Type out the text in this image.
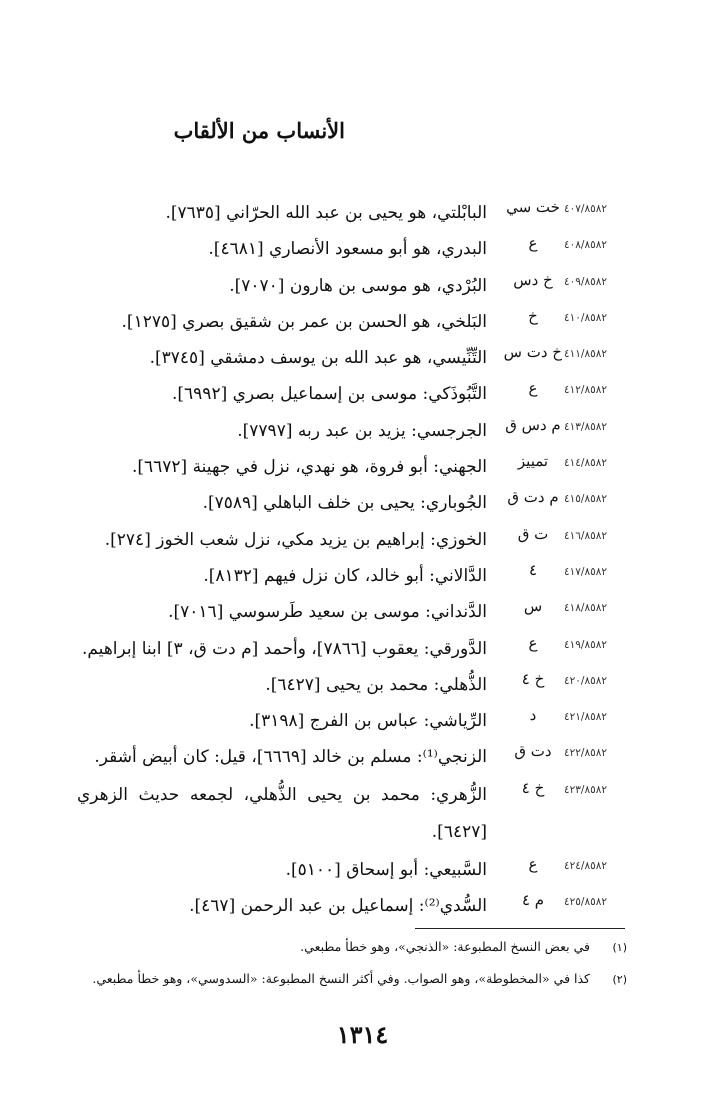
الأنساب من الألقاب
٤٠٧/٨٥٨٢
خت سي
البابْلتي، هو يحيى بن عبد الله الحرّاني [٧٦٣٥].
٤٠٨/٨٥٨٢
ع
البدري، هو أبو مسعود الأنصاري [٤٦٨١].
٤٠٩/٨٥٨٢
خ دس
البُرْدي، هو موسى بن هارون [٧٠٧٠].
٤١٠/٨٥٨٢
خ
البَلخي، هو الحسن بن عمر بن شقيق بصري [١٢٧٥].
٤١١/٨٥٨٢
خ دت س
التِّنِّيسي، هو عبد الله بن يوسف دمشقي [٣٧٤٥].
٤١٢/٨٥٨٢
ع
التَّبُوذَكي: موسى بن إسماعيل بصري [٦٩٩٢].
٤١٣/٨٥٨٢
م دس ق
الجرجسي: يزيد بن عبد ربه [٧٧٩٧].
٤١٤/٨٥٨٢
تمييز
الجهني: أبو فروة، هو نهدي، نزل في جهينة [٦٦٧٢].
٤١٥/٨٥٨٢
م دت ق
الجُوباري: يحيى بن خلف الباهلي [٧٥٨٩].
٤١٦/٨٥٨٢
ت ق
الخوزي: إبراهيم بن يزيد مكي، نزل شعب الخوز [٢٧٤].
٤١٧/٨٥٨٢
٤
الدَّالاني: أبو خالد، كان نزل فيهم [٨١٣٢].
٤١٨/٨٥٨٢
س
الدَّنداني: موسى بن سعيد طَرسوسي [٧٠١٦].
٤١٩/٨٥٨٢
ع
الدَّورقي: يعقوب [٧٨٦٦]، وأحمد [م دت ق، ٣] ابنا إبراهيم.
٤٢٠/٨٥٨٢
خ ٤
الذُّهلي: محمد بن يحيى [٦٤٢٧].
٤٢١/٨٥٨٢
د
الرِّياشي: عباس بن الفرج [٣١٩٨].
٤٢٢/٨٥٨٢
دت ق
الزنجي⁽¹⁾: مسلم بن خالد [٦٦٦٩]، قيل: كان أبيض أشقر.
٤٢٣/٨٥٨٢
خ ٤
الزُّهري: محمد بن يحيى الذُّهلي، لجمعه حديث الزهري [٦٤٢٧].
٤٢٤/٨٥٨٢
ع
السَّبيعي: أبو إسحاق [٥١٠٠].
٤٢٥/٨٥٨٢
م ٤
السُّدي⁽²⁾: إسماعيل بن عبد الرحمن [٤٦٧].
(١)
في بعض النسخ المطبوعة: «الذنجي»، وهو خطأ مطبعي.
(٢)
كذا في «المخطوطة»، وهو الصواب. وفي أكثر النسخ المطبوعة: «السدوسي»، وهو خطأ مطبعي.
١٣١٤
